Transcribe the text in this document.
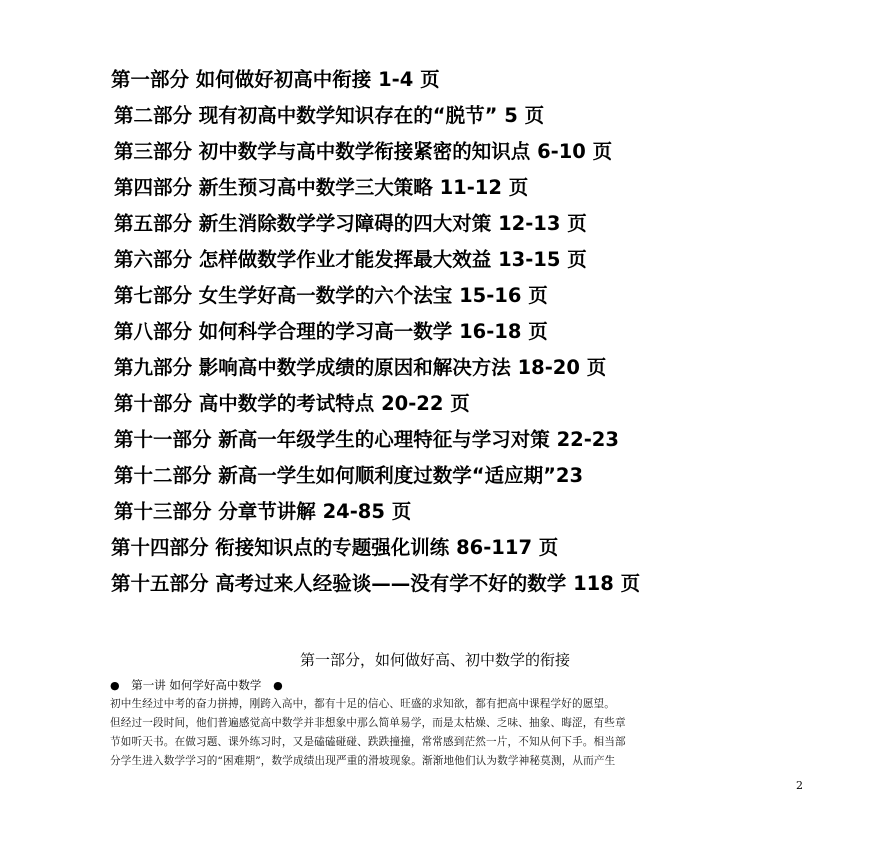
第一部分 如何做好初高中衔接 1-4 页
第二部分 现有初高中数学知识存在的“脱节” 5 页
第三部分 初中数学与高中数学衔接紧密的知识点 6-10 页
第四部分 新生预习高中数学三大策略 11-12 页
第五部分 新生消除数学学习障碍的四大对策 12-13 页
第六部分 怎样做数学作业才能发挥最大效益 13-15 页
第七部分 女生学好高一数学的六个法宝 15-16 页
第八部分 如何科学合理的学习高一数学 16-18 页
第九部分 影响高中数学成绩的原因和解决方法 18-20 页
第十部分 高中数学的考试特点 20-22 页
第十一部分 新高一年级学生的心理特征与学习对策 22-23
第十二部分 新高一学生如何顺利度过数学“适应期”23
第十三部分 分章节讲解 24-85 页
第十四部分 衔接知识点的专题强化训练 86-117 页
第十五部分 高考过来人经验谈——没有学不好的数学 118 页
第一部分，如何做好高、初中数学的衔接
● 第一讲 如何学好高中数学 ●
初中生经过中考的奋力拼搏，刚跨入高中，都有十足的信心、旺盛的求知欲，都有把高中课程学好的愿望。
但经过一段时间，他们普遍感觉高中数学并非想象中那么简单易学，而是太枯燥、乏味、抽象、晦涩，有些章
节如听天书。在做习题、课外练习时，又是磕磕碰碰、跌跌撞撞，常常感到茫然一片，不知从何下手。相当部
分学生进入数学学习的“困难期”，数学成绩出现严重的滑坡现象。渐渐地他们认为数学神秘莫测，从而产生
2
